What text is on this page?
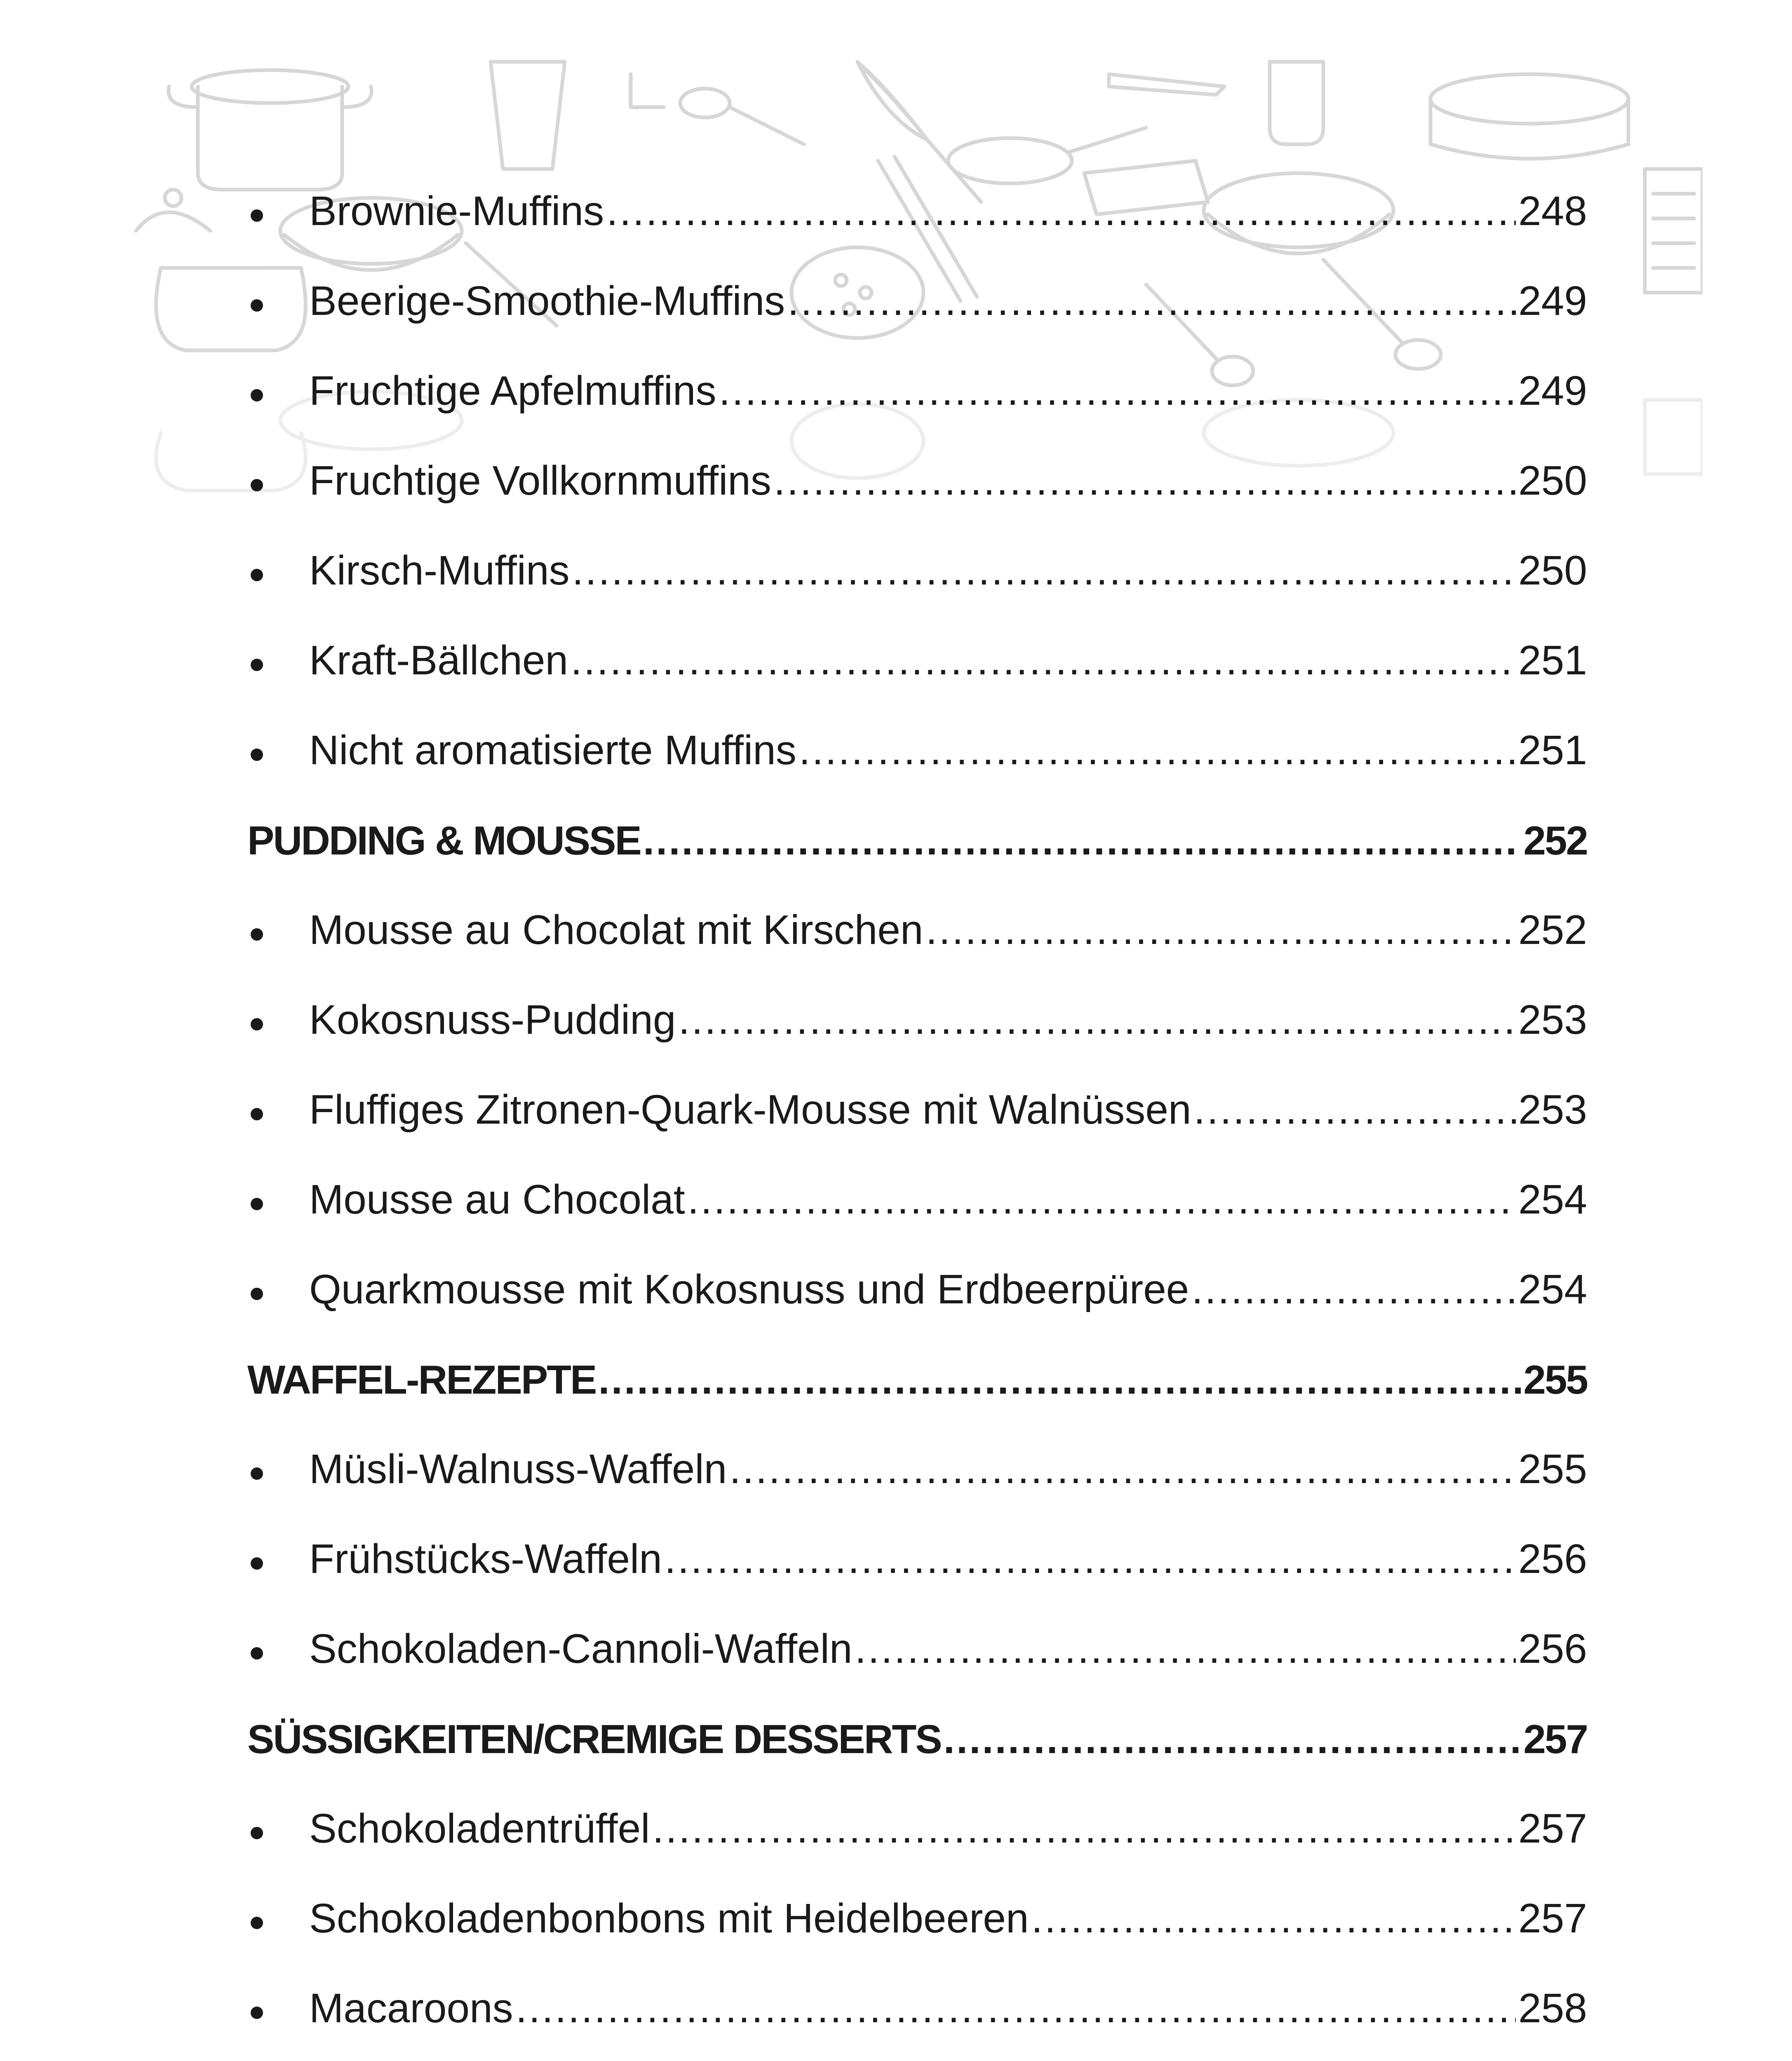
Brownie-Muffins .....	248
Beerige-Smoothie-Muffins .....	249
Fruchtige Apfelmuffins .....	249
Fruchtige Vollkornmuffins .....	250
Kirsch-Muffins .....	250
Kraft-Bällchen .....	251
Nicht aromatisierte Muffins .....	251
PUDDING & MOUSSE .....	252
Mousse au Chocolat mit Kirschen .....	252
Kokosnuss-Pudding .....	253
Fluffiges Zitronen-Quark-Mousse mit Walnüssen .....	253
Mousse au Chocolat .....	254
Quarkmousse mit Kokosnuss und Erdbeerpüree .....	254
WAFFEL-REZEPTE .....	255
Müsli-Walnuss-Waffeln .....	255
Frühstücks-Waffeln .....	256
Schokoladen-Cannoli-Waffeln .....	256
SÜSSIGKEITEN/CREMIGE DESSERTS .....	257
Schokoladentrüffel .....	257
Schokoladenbonbons mit Heidelbeeren .....	257
Macaroons .....	258
